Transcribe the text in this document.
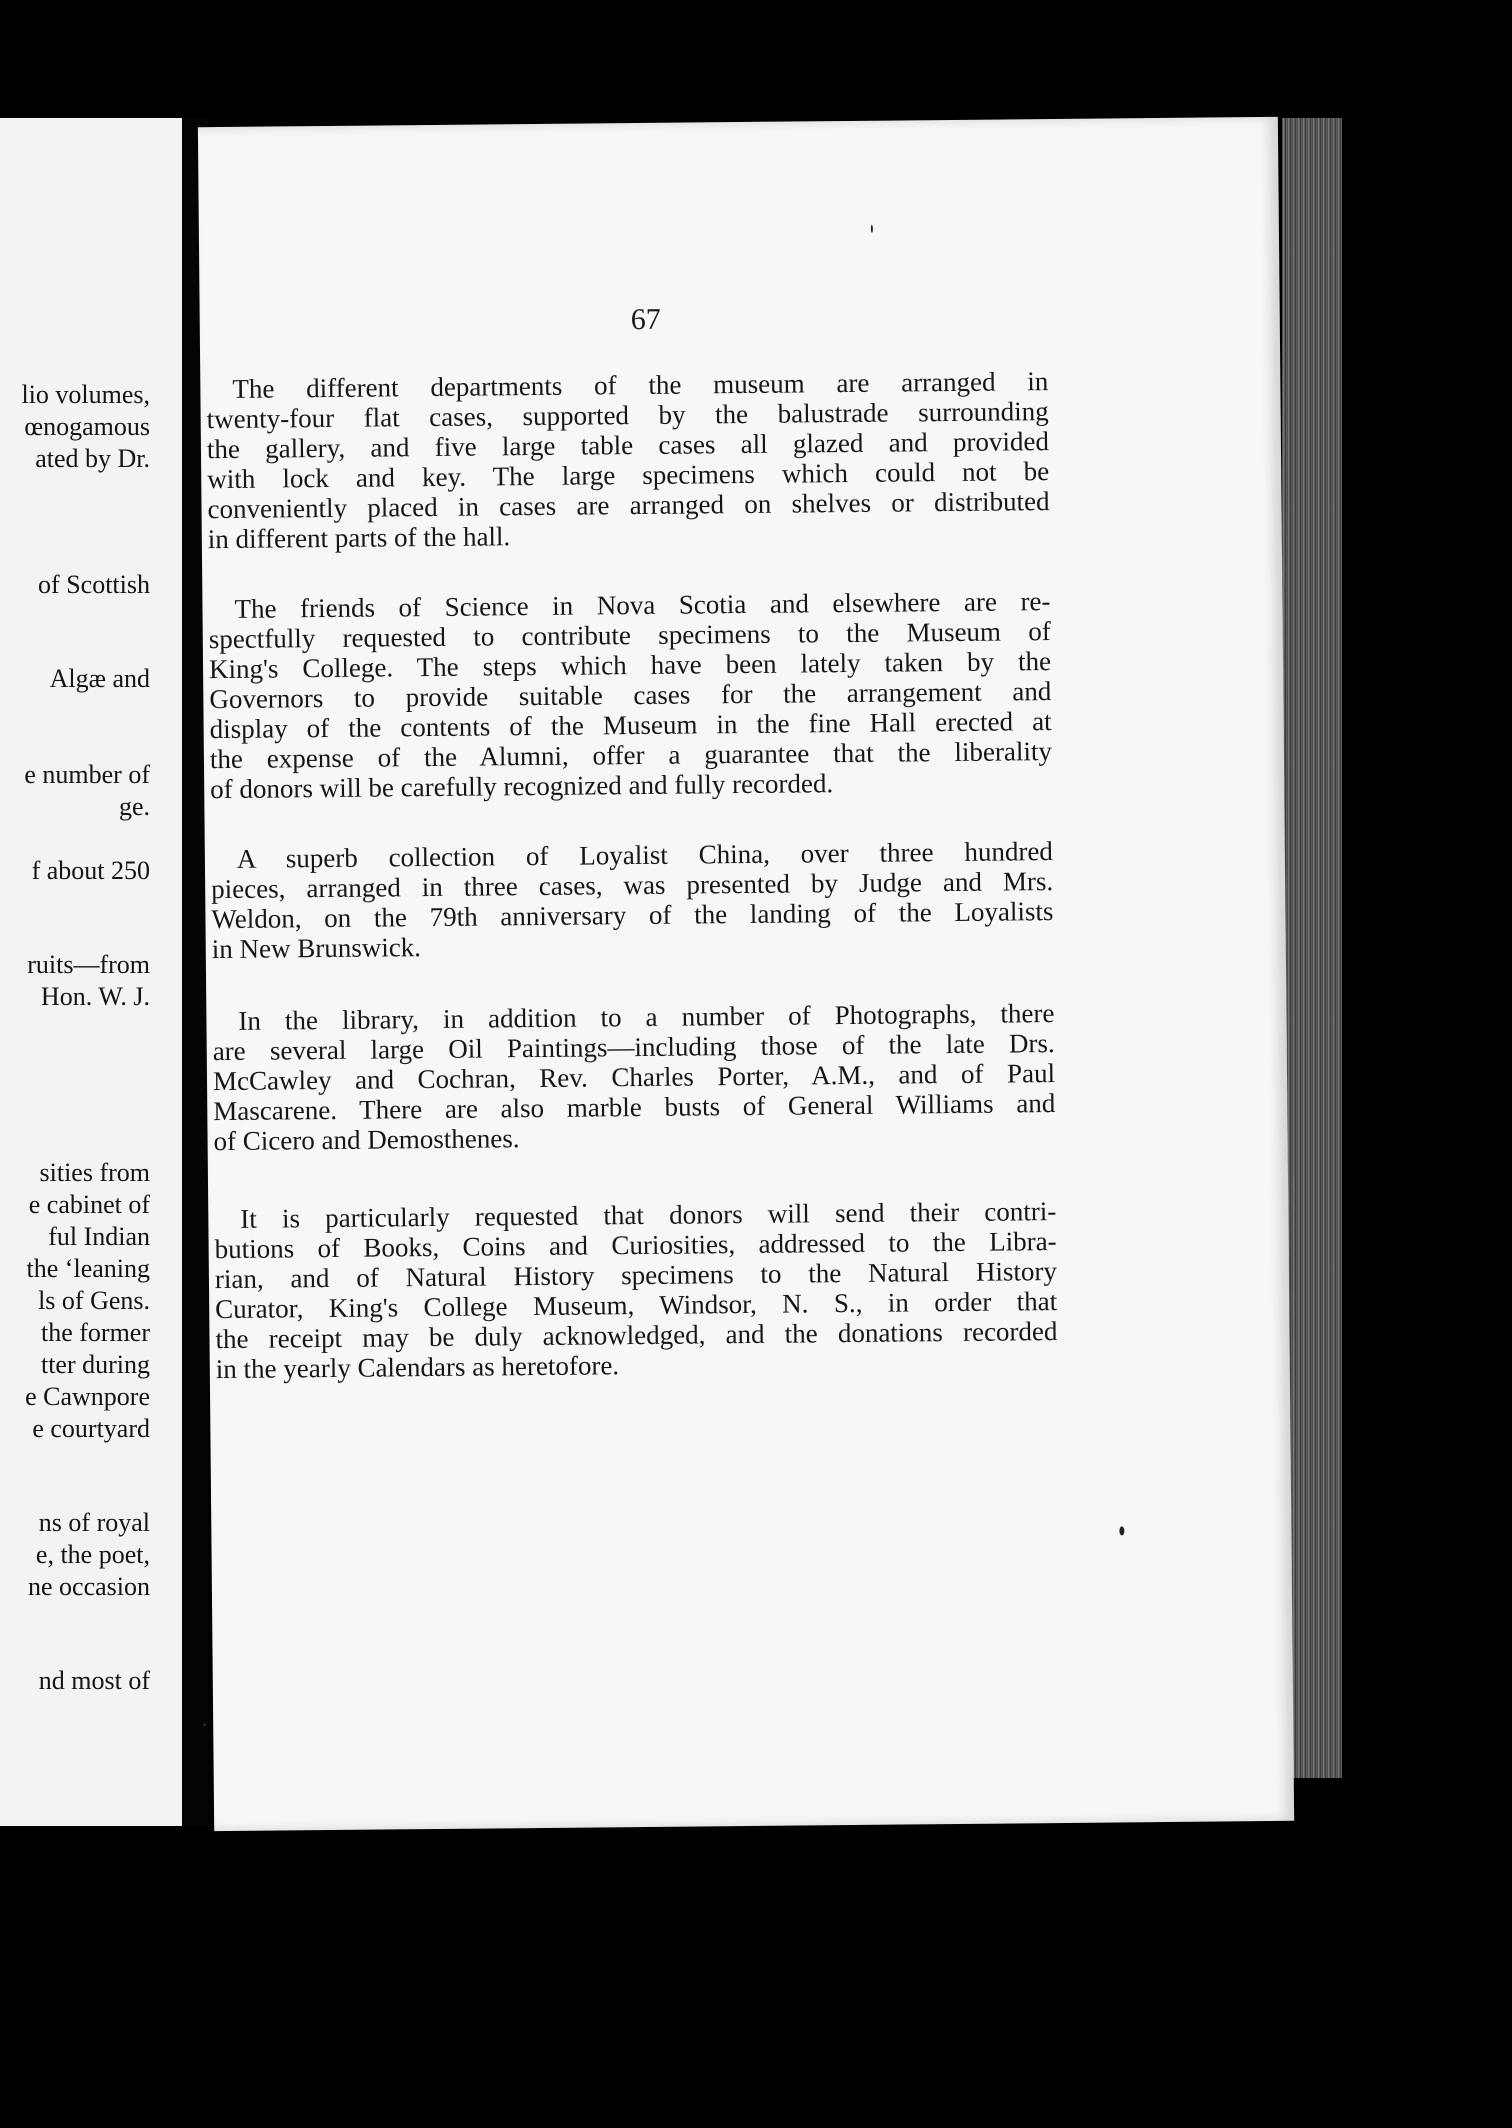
lio volumes,
œnogamous
ated by Dr.
of Scottish
Algæ and
e number of
ge.
f about 250
ruits—from
Hon. W. J.
sities from
e cabinet of
ful Indian
the ‘leaning
ls of Gens.
the former
tter during
e Cawnpore
e courtyard
ns of royal
e, the poet,
ne occasion
nd most of
67
The different departments of the museum are arranged in
twenty-four flat cases, supported by the balustrade surrounding
the gallery, and five large table cases all glazed and provided
with lock and key. The large specimens which could not be
conveniently placed in cases are arranged on shelves or distributed
in different parts of the hall.
The friends of Science in Nova Scotia and elsewhere are re-
spectfully requested to contribute specimens to the Museum of
King's College. The steps which have been lately taken by the
Governors to provide suitable cases for the arrangement and
display of the contents of the Museum in the fine Hall erected at
the expense of the Alumni, offer a guarantee that the liberality
of donors will be carefully recognized and fully recorded.
A superb collection of Loyalist China, over three hundred
pieces, arranged in three cases, was presented by Judge and Mrs.
Weldon, on the 79th anniversary of the landing of the Loyalists
in New Brunswick.
In the library, in addition to a number of Photographs, there
are several large Oil Paintings—including those of the late Drs.
McCawley and Cochran, Rev. Charles Porter, A.M., and of Paul
Mascarene. There are also marble busts of General Williams and
of Cicero and Demosthenes.
It is particularly requested that donors will send their contri-
butions of Books, Coins and Curiosities, addressed to the Libra-
rian, and of Natural History specimens to the Natural History
Curator, King's College Museum, Windsor, N. S., in order that
the receipt may be duly acknowledged, and the donations recorded
in the yearly Calendars as heretofore.
